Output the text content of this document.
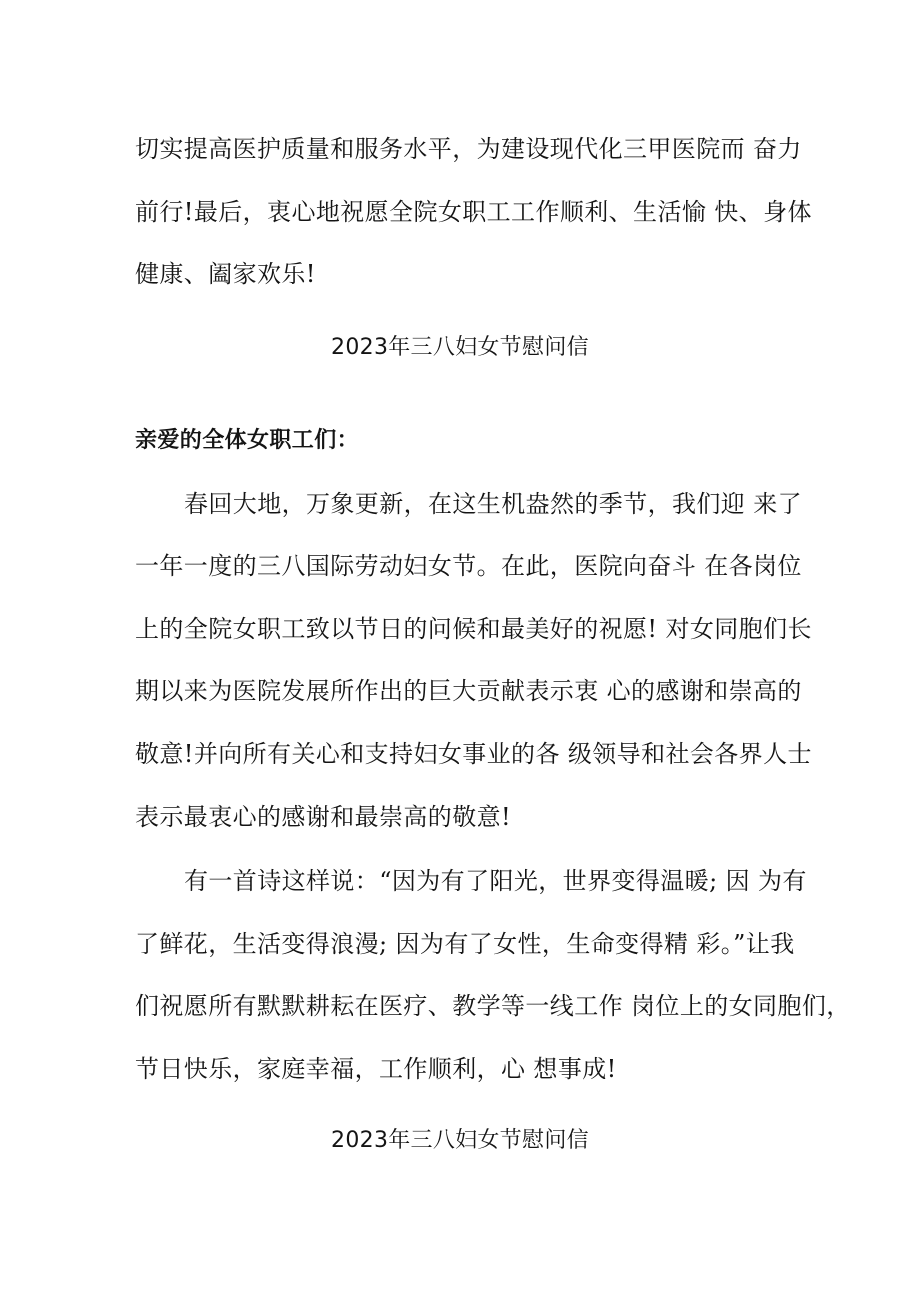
切实提高医护质量和服务水平，为建设现代化三甲医院而 奋力
前行!最后，衷心地祝愿全院女职工工作顺利、生活愉 快、身体
健康、阖家欢乐!
2023年三八妇女节慰问信
亲爱的全体女职工们：
春回大地，万象更新，在这生机盎然的季节，我们迎 来了
一年一度的三八国际劳动妇女节。在此，医院向奋斗 在各岗位
上的全院女职工致以节日的问候和最美好的祝愿! 对女同胞们长
期以来为医院发展所作出的巨大贡献表示衷 心的感谢和崇高的
敬意!并向所有关心和支持妇女事业的各 级领导和社会各界人士
表示最衷心的感谢和最崇高的敬意!
有一首诗这样说：“因为有了阳光，世界变得温暖; 因 为有
了鲜花，生活变得浪漫; 因为有了女性，生命变得精 彩。”让我
们祝愿所有默默耕耘在医疗、教学等一线工作 岗位上的女同胞们，
节日快乐，家庭幸福，工作顺利，心 想事成!
2023年三八妇女节慰问信
